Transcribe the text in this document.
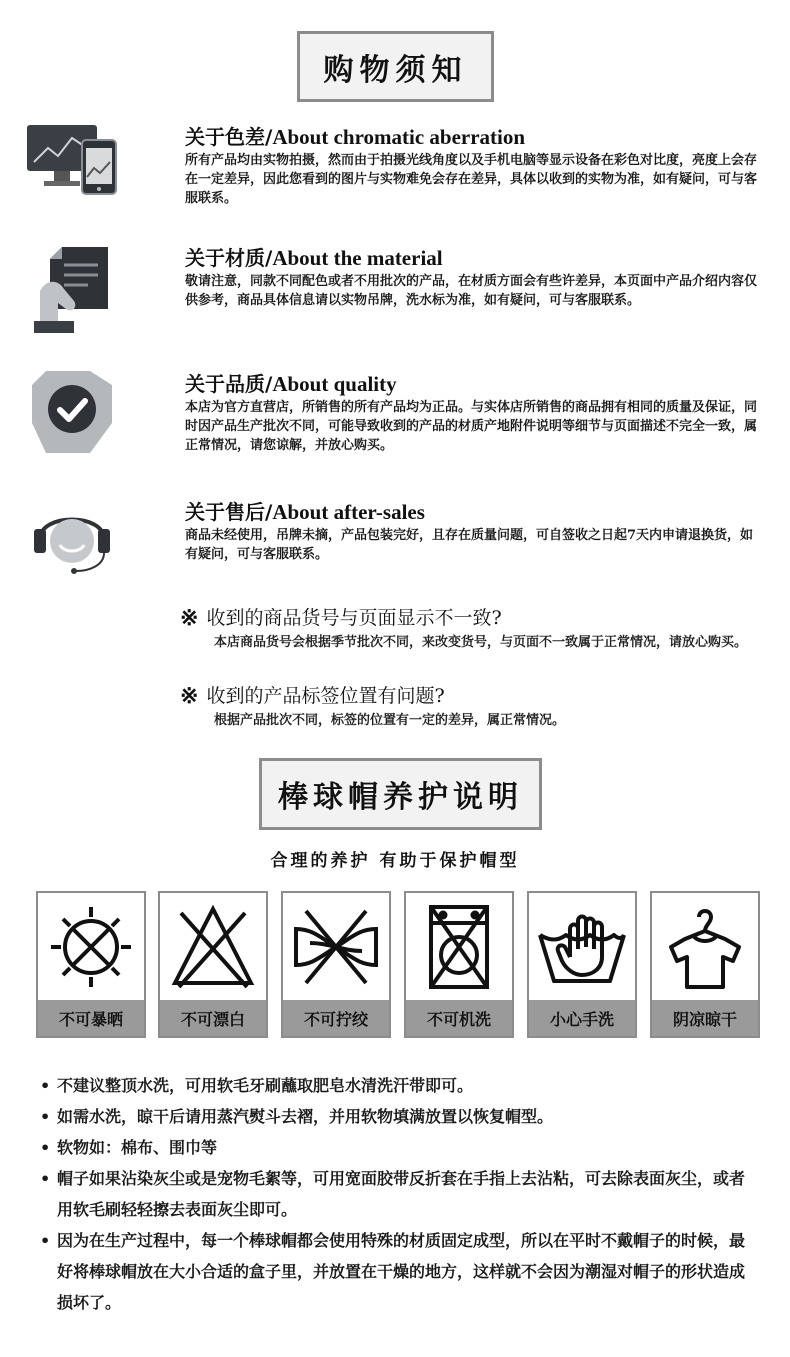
购物须知
关于色差/About chromatic aberration
所有产品均由实物拍摄，然而由于拍摄光线角度以及手机电脑等显示设备在彩色对比度，亮度上会存在一定差异，因此您看到的图片与实物难免会存在差异，具体以收到的实物为准，如有疑问，可与客服联系。
关于材质/About the material
敬请注意，同款不同配色或者不用批次的产品，在材质方面会有些许差异，本页面中产品介绍内容仅供参考，商品具体信息请以实物吊牌，洗水标为准，如有疑问，可与客服联系。
关于品质/About quality
本店为官方直营店，所销售的所有产品均为正品。与实体店所销售的商品拥有相同的质量及保证，同时因产品生产批次不同，可能导致收到的产品的材质产地附件说明等细节与页面描述不完全一致，属正常情况，请您谅解，并放心购买。
关于售后/About after-sales
商品未经使用，吊牌未摘，产品包装完好，且存在质量问题，可自签收之日起7天内申请退换货，如有疑问，可与客服联系。
※ 收到的商品货号与页面显示不一致?
本店商品货号会根据季节批次不同，来改变货号，与页面不一致属于正常情况，请放心购买。
※ 收到的产品标签位置有问题?
根据产品批次不同，标签的位置有一定的差异，属正常情况。
棒球帽养护说明
合理的养护 有助于保护帽型
不可暴晒	不可漂白	不可拧绞	不可机洗	小心手洗	阴凉晾干
• 不建议整顶水洗，可用软毛牙刷蘸取肥皂水清洗汗带即可。
• 如需水洗，晾干后请用蒸汽熨斗去褶，并用软物填满放置以恢复帽型。
• 软物如：棉布、围巾等
• 帽子如果沾染灰尘或是宠物毛絮等，可用宽面胶带反折套在手指上去沾粘，可去除表面灰尘，或者用软毛刷轻轻擦去表面灰尘即可。
• 因为在生产过程中，每一个棒球帽都会使用特殊的材质固定成型，所以在平时不戴帽子的时候，最好将棒球帽放在大小合适的盒子里，并放置在干燥的地方，这样就不会因为潮湿对帽子的形状造成损坏了。
